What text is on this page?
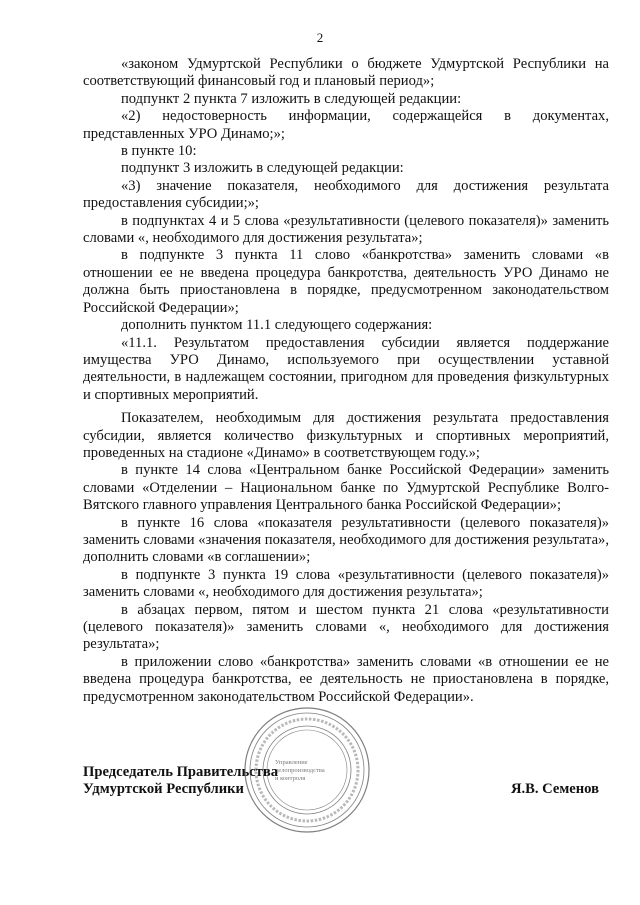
2

«законом Удмуртской Республики о бюджете Удмуртской Республики на соответствующий финансовый год и плановый период»;

подпункт 2 пункта 7 изложить в следующей редакции:

«2) недостоверность информации, содержащейся в документах, представленных УРО Динамо;»;

в пункте 10:

подпункт 3 изложить в следующей редакции:

«3) значение показателя, необходимого для достижения результата предоставления субсидии;»;

в подпунктах 4 и 5 слова «результативности (целевого показателя)» заменить словами «, необходимого для достижения результата»;

в подпункте 3 пункта 11 слово «банкротства» заменить словами «в отношении ее не введена процедура банкротства, деятельность УРО Динамо не должна быть приостановлена в порядке, предусмотренном законодательством Российской Федерации»;

дополнить пунктом 11.1 следующего содержания:

«11.1. Результатом предоставления субсидии является поддержание имущества УРО Динамо, используемого при осуществлении уставной деятельности, в надлежащем состоянии, пригодном для проведения физкультурных и спортивных мероприятий.

Показателем, необходимым для достижения результата предоставления субсидии, является количество физкультурных и спортивных мероприятий, проведенных на стадионе «Динамо» в соответствующем году.»;

в пункте 14 слова «Центральном банке Российской Федерации» заменить словами «Отделении – Национальном банке по Удмуртской Республике Волго-Вятского главного управления Центрального банка Российской Федерации»;

в пункте 16 слова «показателя результативности (целевого показателя)» заменить словами «значения показателя, необходимого для достижения результата», дополнить словами «в соглашении»;

в подпункте 3 пункта 19 слова «результативности (целевого показателя)» заменить словами «, необходимого для достижения результата»;

в абзацах первом, пятом и шестом пункта 21 слова «результативности (целевого показателя)» заменить словами «, необходимого для достижения результата»;

в приложении слово «банкротства» заменить словами «в отношении ее не введена процедура банкротства, ее деятельность не приостановлена в порядке, предусмотренном законодательством Российской Федерации».

Председатель Правительства
Удмуртской Республики	Я.В. Семенов
Управление
делопроизводства
и контроля
